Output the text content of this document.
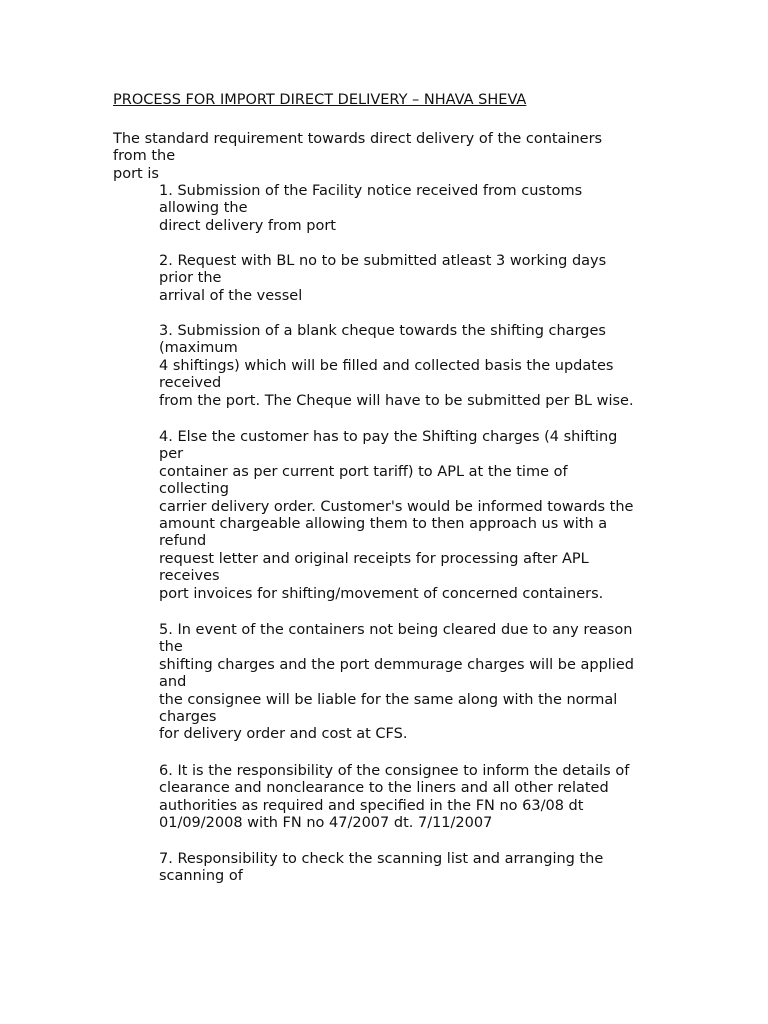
PROCESS FOR IMPORT DIRECT DELIVERY – NHAVA SHEVA
The standard requirement towards direct delivery of the containers
from the
port is
1. Submission of the Facility notice received from customs
allowing the
direct delivery from port
2. Request with BL no to be submitted atleast 3 working days
prior the
arrival of the vessel
3. Submission of a blank cheque towards the shifting charges
(maximum
4 shiftings) which will be filled and collected basis the updates
received
from the port. The Cheque will have to be submitted per BL wise.
4. Else the customer has to pay the Shifting charges (4 shifting
per
container as per current port tariff) to APL at the time of
collecting
carrier delivery order. Customer's would be informed towards the
amount chargeable allowing them to then approach us with a
refund
request letter and original receipts for processing after APL
receives
port invoices for shifting/movement of concerned containers.
5. In event of the containers not being cleared due to any reason
the
shifting charges and the port demmurage charges will be applied
and
the consignee will be liable for the same along with the normal
charges
for delivery order and cost at CFS.
6. It is the responsibility of the consignee to inform the details of
clearance and nonclearance to the liners and all other related
authorities as required and specified in the FN no 63/08 dt
01/09/2008 with FN no 47/2007 dt. 7/11/2007
7. Responsibility to check the scanning list and arranging the
scanning of
